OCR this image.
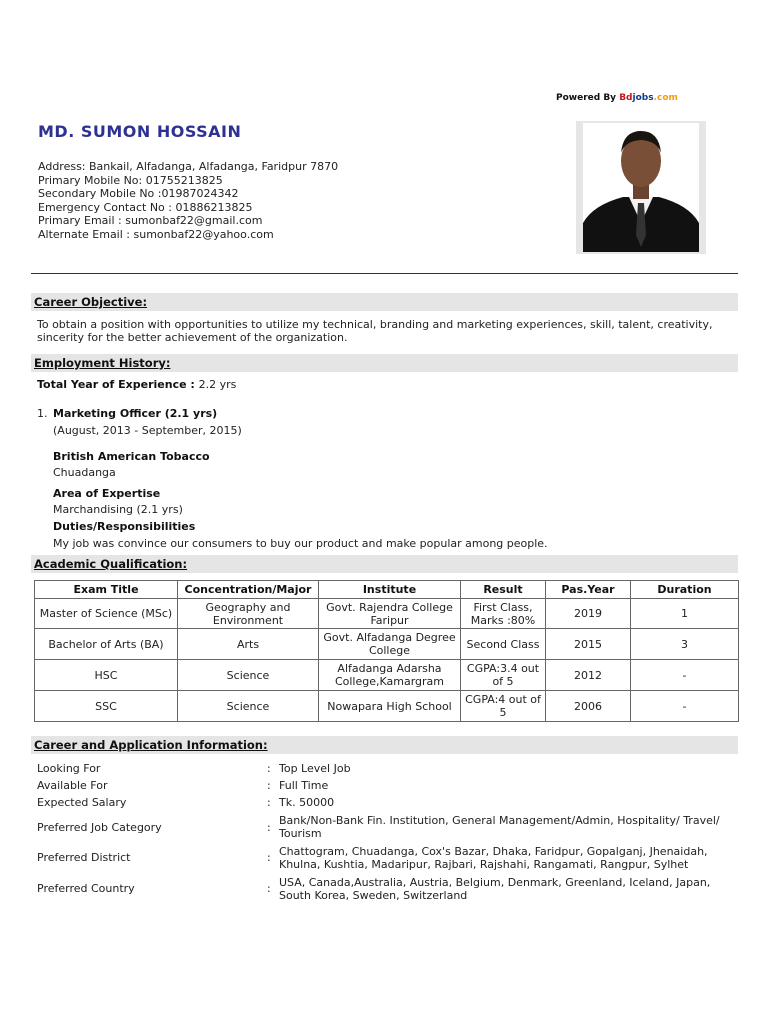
Powered By Bdjobs.com
MD. SUMON HOSSAIN
Address: Bankail, Alfadanga, Alfadanga, Faridpur 7870
Primary Mobile No: 01755213825
Secondary Mobile No :01987024342
Emergency Contact No : 01886213825
Primary Email : sumonbaf22@gmail.com
Alternate Email : sumonbaf22@yahoo.com
Career Objective:
To obtain a position with opportunities to utilize my technical, branding and marketing experiences, skill, talent, creativity, sincerity for the better achievement of the organization.
Employment History:
Total Year of Experience : 2.2 yrs
1. Marketing Officer (2.1 yrs)
(August, 2013 - September, 2015)
British American Tobacco
Chuadanga
Area of Expertise
Marchandising (2.1 yrs)
Duties/Responsibilities
My job was convince our consumers to buy our product and make popular among people.
Academic Qualification:
Exam Title	Concentration/Major	Institute	Result	Pas.Year	Duration
Master of Science (MSc)	Geography and Environment	Govt. Rajendra College Faripur	First Class, Marks :80%	2019	1
Bachelor of Arts (BA)	Arts	Govt. Alfadanga Degree College	Second Class	2015	3
HSC	Science	Alfadanga Adarsha College,Kamargram	CGPA:3.4 out of 5	2012	-
SSC	Science	Nowapara High School	CGPA:4 out of 5	2006	-
Career and Application Information:
Looking For	: Top Level Job
Available For	: Full Time
Expected Salary	: Tk. 50000
Preferred Job Category	:
Bank/Non-Bank Fin. Institution, General Management/Admin, Hospitality/ Travel/ Tourism
Preferred District	: Chattogram, Chuadanga, Cox's Bazar, Dhaka, Faridpur, Gopalganj, Jhenaidah, Khulna, Kushtia, Madaripur, Rajbari, Rajshahi, Rangamati, Rangpur, Sylhet
Preferred Country	: USA, Canada,Australia, Austria, Belgium, Denmark, Greenland, Iceland, Japan, South Korea, Sweden, Switzerland
